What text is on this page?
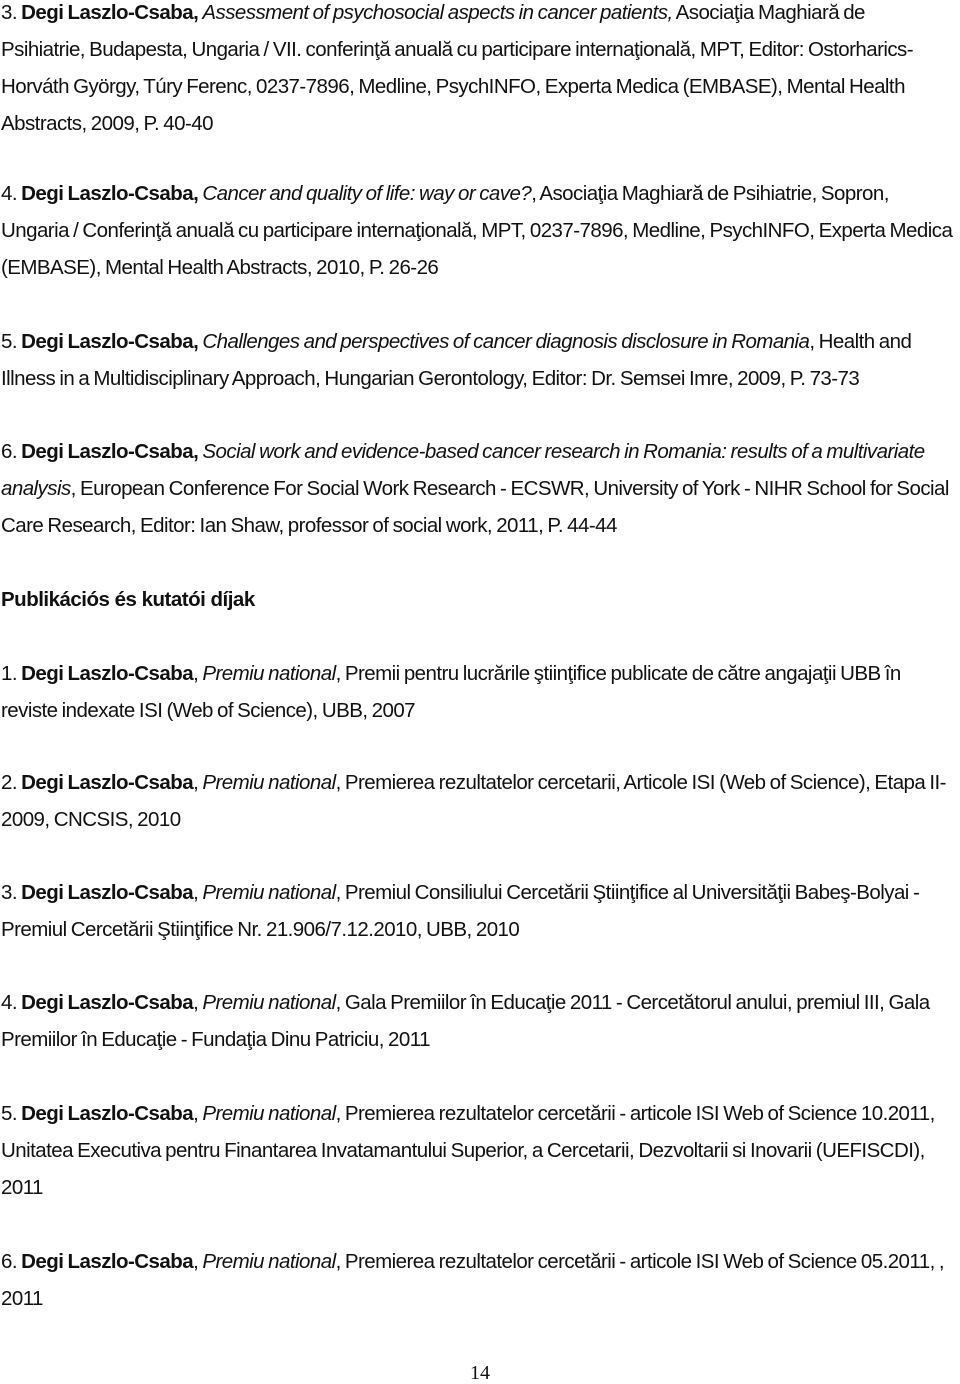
3. Degi Laszlo-Csaba, Assessment of psychosocial aspects in cancer patients, Asociaţia Maghiară de Psihiatrie, Budapesta, Ungaria / VII. conferinţă anuală cu participare internaţională, MPT, Editor: Ostorharics-Horváth György, Túry Ferenc, 0237-7896, Medline, PsychINFO, Experta Medica (EMBASE), Mental Health Abstracts, 2009, P. 40-40

4. Degi Laszlo-Csaba, Cancer and quality of life: way or cave?, Asociaţia Maghiară de Psihiatrie, Sopron, Ungaria / Conferinţă anuală cu participare internaţională, MPT, 0237-7896, Medline, PsychINFO, Experta Medica (EMBASE), Mental Health Abstracts, 2010, P. 26-26

5. Degi Laszlo-Csaba, Challenges and perspectives of cancer diagnosis disclosure in Romania, Health and Illness in a Multidisciplinary Approach, Hungarian Gerontology, Editor: Dr. Semsei Imre, 2009, P. 73-73

6. Degi Laszlo-Csaba, Social work and evidence-based cancer research in Romania: results of a multivariate analysis, European Conference For Social Work Research - ECSWR, University of York - NIHR School for Social Care Research, Editor: Ian Shaw, professor of social work, 2011, P. 44-44

Publikációs és kutatói díjak

1. Degi Laszlo-Csaba, Premiu national, Premii pentru lucrările ştiinţifice publicate de către angajaţii UBB în reviste indexate ISI (Web of Science), UBB, 2007

2. Degi Laszlo-Csaba, Premiu national, Premierea rezultatelor cercetarii, Articole ISI (Web of Science), Etapa II-2009, CNCSIS, 2010

3. Degi Laszlo-Csaba, Premiu national, Premiul Consiliului Cercetării Ştiinţifice al Universităţii Babeş-Bolyai - Premiul Cercetării Ştiinţifice Nr. 21.906/7.12.2010, UBB, 2010

4. Degi Laszlo-Csaba, Premiu national, Gala Premiilor în Educaţie 2011 - Cercetătorul anului, premiul III, Gala Premiilor în Educaţie - Fundaţia Dinu Patriciu, 2011

5. Degi Laszlo-Csaba, Premiu national, Premierea rezultatelor cercetării - articole ISI Web of Science 10.2011, Unitatea Executiva pentru Finantarea Invatamantului Superior, a Cercetarii, Dezvoltarii si Inovarii (UEFISCDI), 2011

6. Degi Laszlo-Csaba, Premiu national, Premierea rezultatelor cercetării - articole ISI Web of Science 05.2011, , 2011

14
